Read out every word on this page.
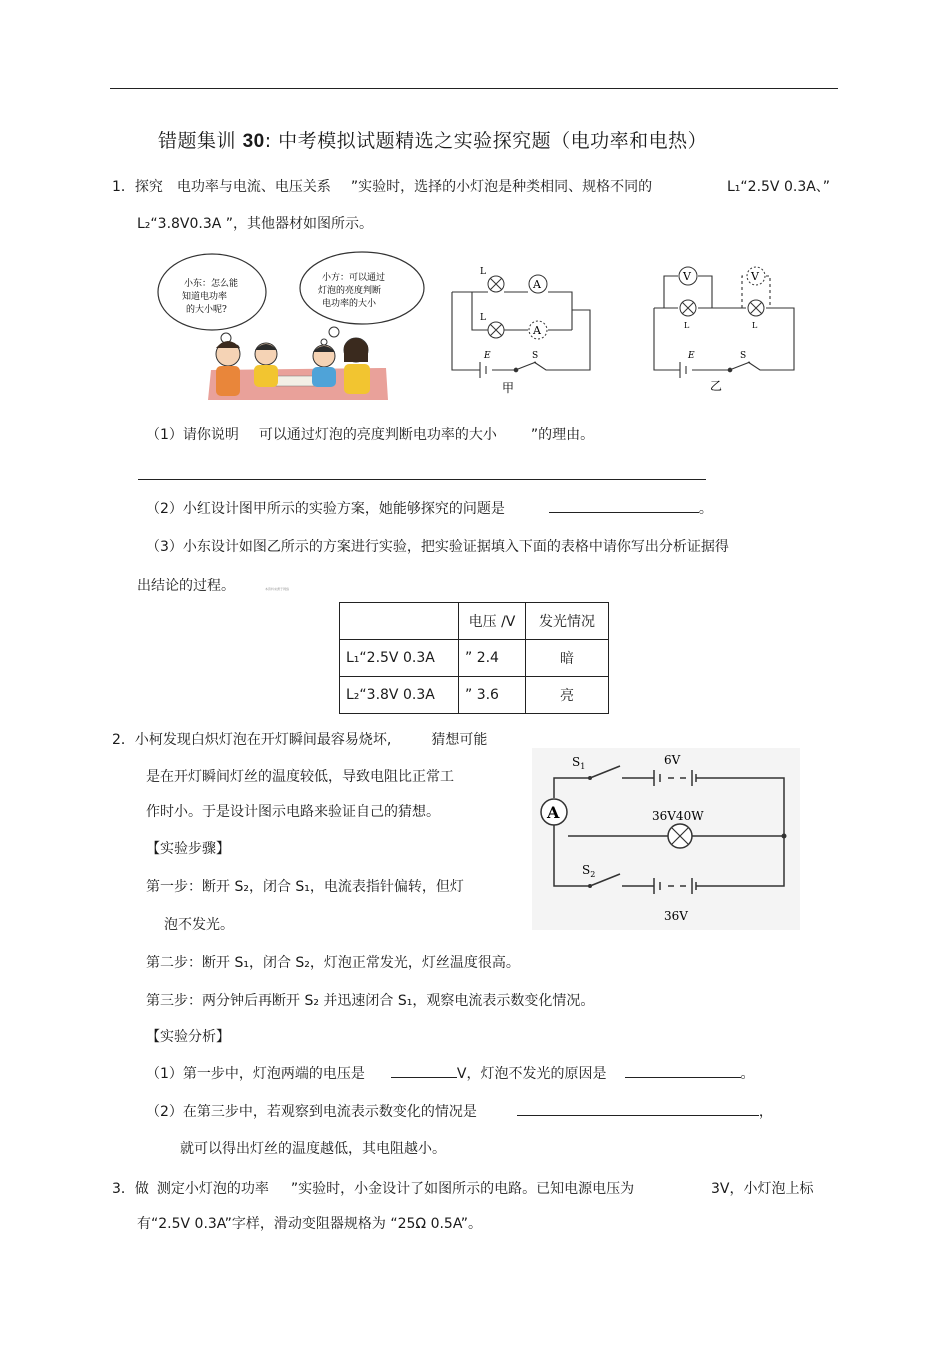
错题集训 30: 中考模拟试题精选之实验探究题（电功率和电热）
1．探究 电功率与电流、电压关系 ”实验时，选择的小灯泡是种类相同、规格不同的	L₁“2.5V 0.3A、”
L₂“3.8V0.3A ”，其他器材如图所示。
小东：怎么能
知道电功率
的大小呢?
小方：可以通过
灯泡的亮度判断
电功率的大小
A
A
L
L
E	S
甲
V	V
L	L
E	S
乙
（1）请你说明 可以通过灯泡的亮度判断电功率的大小 ”的理由。
（2）小红设计图甲所示的实验方案，她能够探究的问题是	。
（3）小东设计如图乙所示的方案进行实验，把实验证据填入下面的表格中请你写出分析证据得
出结论的过程。	本资料来源于网络
	电压 /V	发光情况
L₁“2.5V 0.3A	” 2.4	暗
L₂“3.8V 0.3A	” 3.6	亮
2．小柯发现白炽灯泡在开灯瞬间最容易烧坏,	猜想可能
是在开灯瞬间灯丝的温度较低，导致电阻比正常工
作时小。于是设计图示电路来验证自己的猜想。
【实验步骤】
第一步：断开 S₂，闭合 S₁，电流表指针偏转，但灯
泡不发光。
第二步：断开 S₁，闭合 S₂，灯泡正常发光，灯丝温度很高。
第三步：两分钟后再断开 S₂ 并迅速闭合 S₁，观察电流表示数变化情况。
【实验分析】
（1）第一步中，灯泡两端的电压是	V，灯泡不发光的原因是	。
（2）在第三步中，若观察到电流表示数变化的情况是	，
就可以得出灯丝的温度越低，其电阻越小。
A
$S_1$
$S_2$
6V
36V40W
36V
3．做 测定小灯泡的功率 ”实验时，小金设计了如图所示的电路。已知电源电压为	3V，小灯泡上标
有“2.5V 0.3A”字样，滑动变阻器规格为 “25Ω 0.5A”。
